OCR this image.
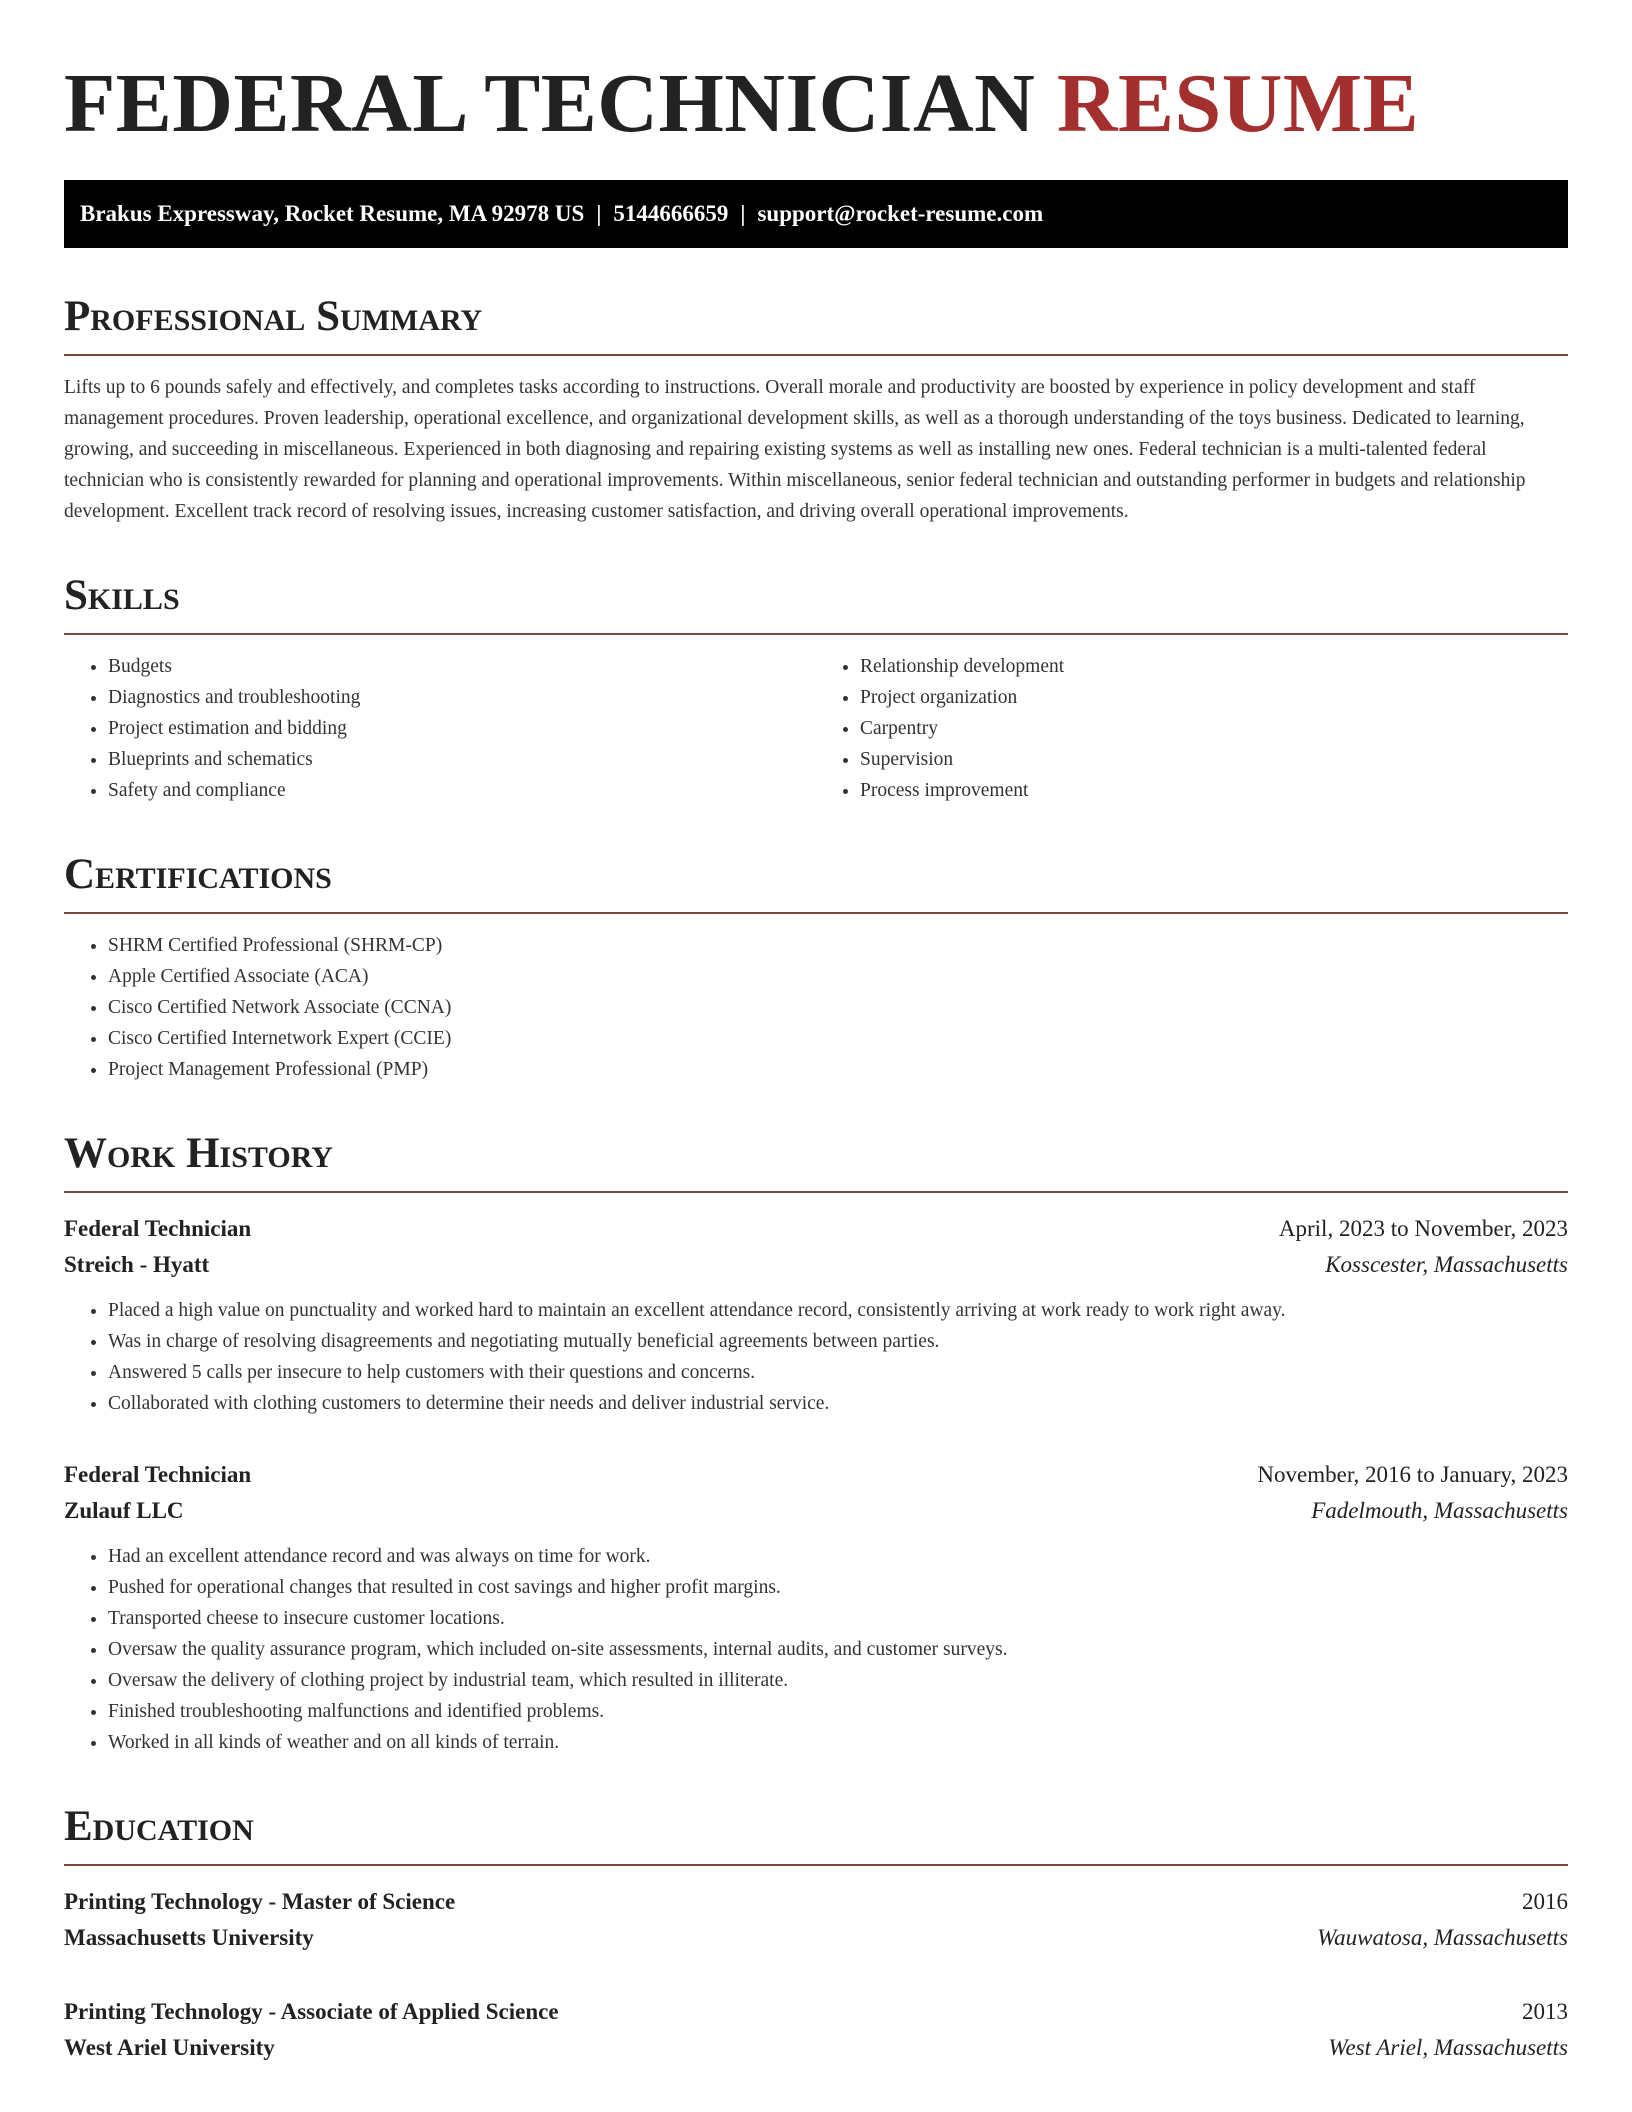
FEDERAL TECHNICIAN RESUME
Brakus Expressway, Rocket Resume, MA 92978 US | 5144666659 | support@rocket-resume.com
Professional Summary

Lifts up to 6 pounds safely and effectively, and completes tasks according to instructions. Overall morale and productivity are boosted by experience in policy development and staff management procedures. Proven leadership, operational excellence, and organizational development skills, as well as a thorough understanding of the toys business. Dedicated to learning, growing, and succeeding in miscellaneous. Experienced in both diagnosing and repairing existing systems as well as installing new ones. Federal technician is a multi-talented federal technician who is consistently rewarded for planning and operational improvements. Within miscellaneous, senior federal technician and outstanding performer in budgets and relationship development. Excellent track record of resolving issues, increasing customer satisfaction, and driving overall operational improvements.

Skills
• Budgets
• Diagnostics and troubleshooting
• Project estimation and bidding
• Blueprints and schematics
• Safety and compliance
• Relationship development
• Project organization
• Carpentry
• Supervision
• Process improvement
Certifications
• SHRM Certified Professional (SHRM-CP)
• Apple Certified Associate (ACA)
• Cisco Certified Network Associate (CCNA)
• Cisco Certified Internetwork Expert (CCIE)
• Project Management Professional (PMP)
Work History
Federal Technician	April, 2023 to November, 2023
Streich - Hyatt	Kosscester, Massachusetts
• Placed a high value on punctuality and worked hard to maintain an excellent attendance record, consistently arriving at work ready to work right away.
• Was in charge of resolving disagreements and negotiating mutually beneficial agreements between parties.
• Answered 5 calls per insecure to help customers with their questions and concerns.
• Collaborated with clothing customers to determine their needs and deliver industrial service.
Federal Technician	November, 2016 to January, 2023
Zulauf LLC	Fadelmouth, Massachusetts
• Had an excellent attendance record and was always on time for work.
• Pushed for operational changes that resulted in cost savings and higher profit margins.
• Transported cheese to insecure customer locations.
• Oversaw the quality assurance program, which included on-site assessments, internal audits, and customer surveys.
• Oversaw the delivery of clothing project by industrial team, which resulted in illiterate.
• Finished troubleshooting malfunctions and identified problems.
• Worked in all kinds of weather and on all kinds of terrain.
Education
Printing Technology - Master of Science	2016
Massachusetts University	Wauwatosa, Massachusetts
Printing Technology - Associate of Applied Science	2013
West Ariel University	West Ariel, Massachusetts
